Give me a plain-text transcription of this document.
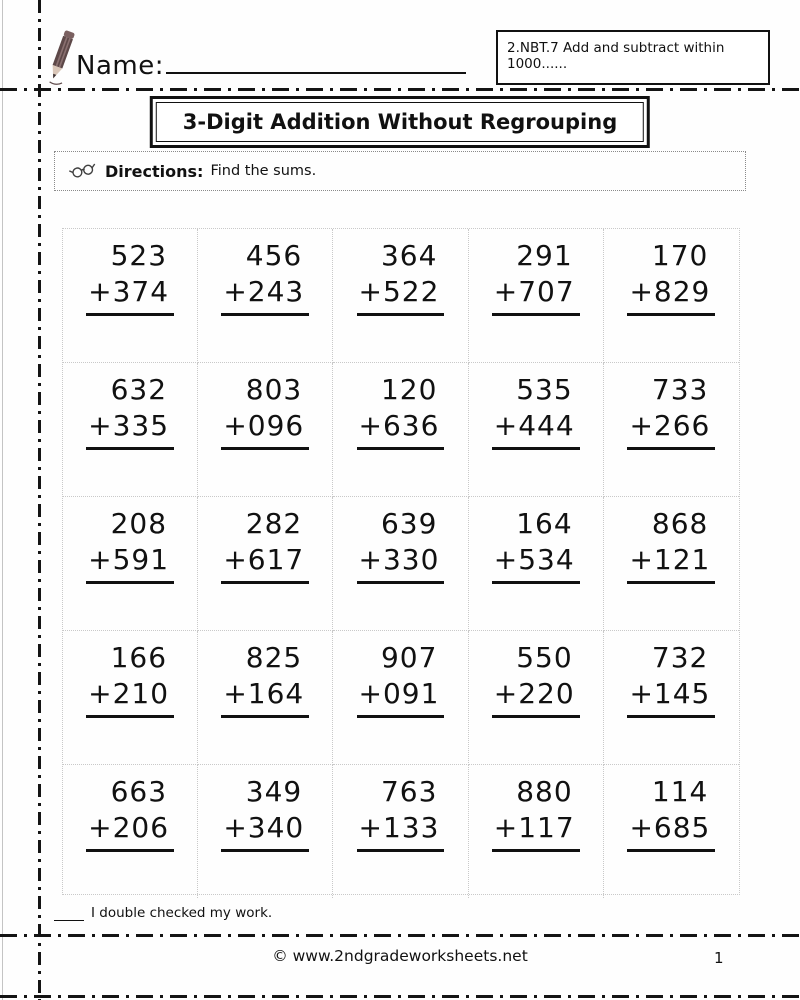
Name:
2.NBT.7 Add and subtract within 1000......
3-Digit Addition Without Regrouping
Directions: Find the sums.
523
+374
456
+243
364
+522
291
+707
170
+829
632
+335
803
+096
120
+636
535
+444
733
+266
208
+591
282
+617
639
+330
164
+534
868
+121
166
+210
825
+164
907
+091
550
+220
732
+145
663
+206
349
+340
763
+133
880
+117
114
+685
I double checked my work.
© www.2ndgradeworksheets.net	1
